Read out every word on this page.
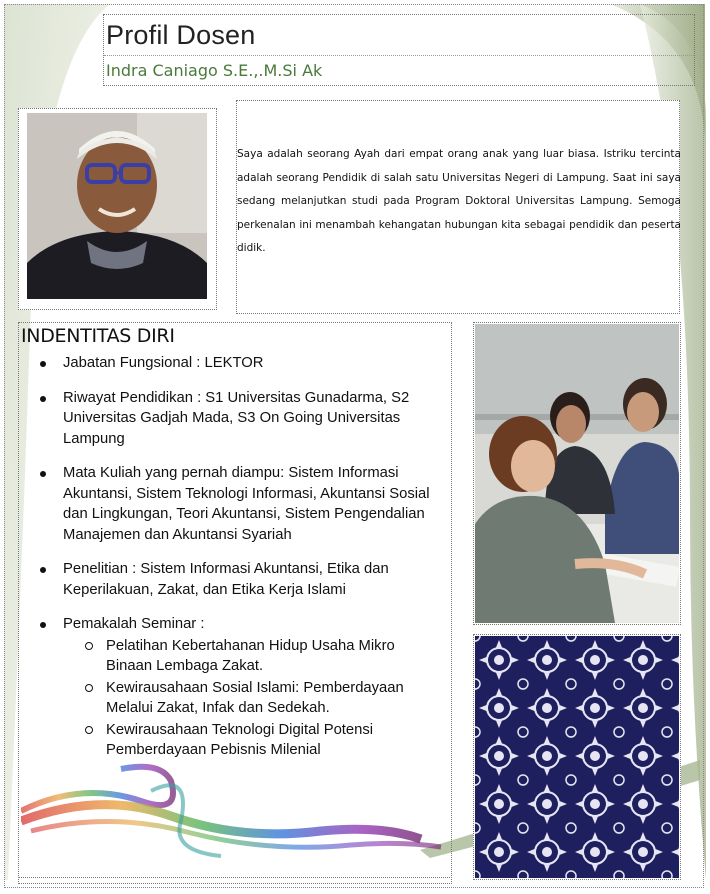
Profil Dosen
Indra Caniago S.E.,.M.Si Ak
Saya adalah seorang Ayah dari empat orang anak yang luar biasa. Istriku tercinta adalah seorang Pendidik di salah satu Universitas Negeri di Lampung. Saat ini saya sedang melanjutkan studi pada Program Doktoral Universitas Lampung. Semoga perkenalan ini menambah kehangatan hubungan kita sebagai pendidik dan peserta didik.
INDENTITAS DIRI
Jabatan Fungsional : LEKTOR
Riwayat Pendidikan : S1 Universitas Gunadarma, S2 Universitas Gadjah Mada, S3 On Going Universitas Lampung
Mata Kuliah yang pernah diampu: Sistem Informasi Akuntansi, Sistem Teknologi Informasi, Akuntansi Sosial dan Lingkungan, Teori Akuntansi, Sistem Pengendalian Manajemen dan Akuntansi Syariah
Penelitian : Sistem Informasi Akuntansi, Etika dan Keperilakuan, Zakat, dan Etika Kerja Islami
Pemakalah Seminar :
Pelatihan Kebertahanan Hidup Usaha Mikro Binaan Lembaga Zakat.
Kewirausahaan Sosial Islami: Pemberdayaan Melalui Zakat, Infak dan Sedekah.
Kewirausahaan Teknologi Digital Potensi Pemberdayaan Pebisnis Milenial
